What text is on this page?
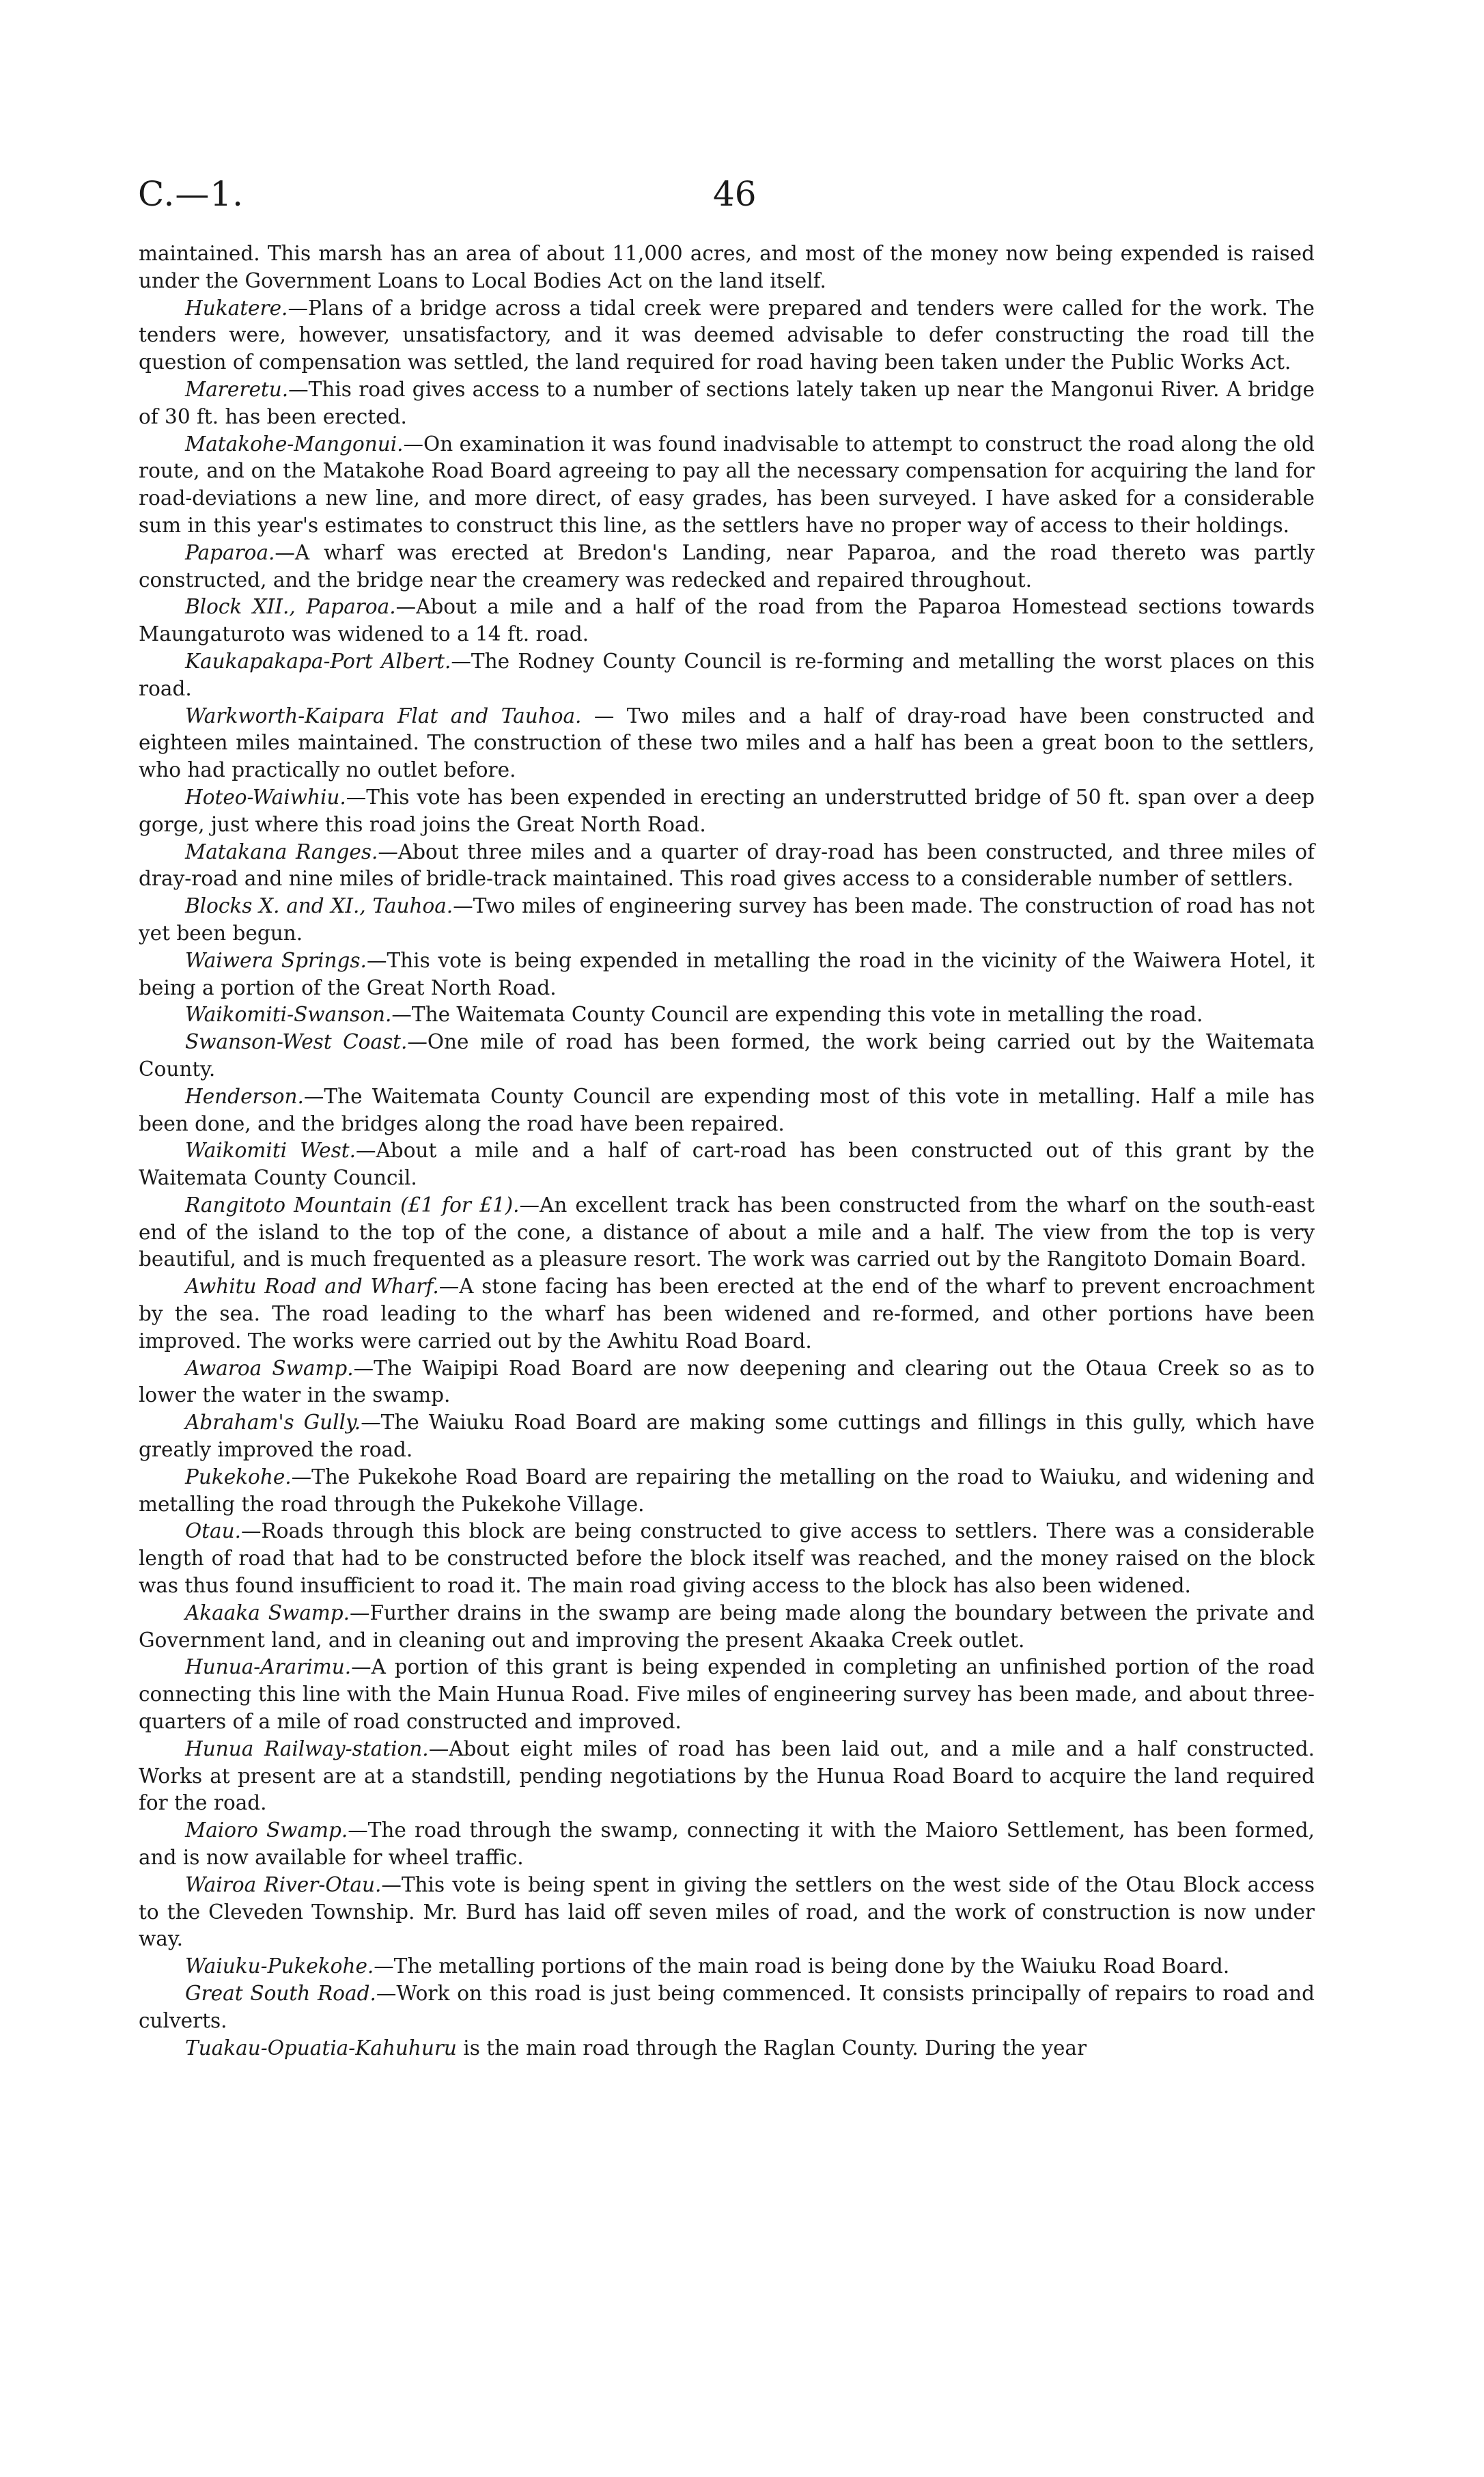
C.—1.	46

maintained. This marsh has an area of about 11,000 acres, and most of the money now being expended is raised under the Government Loans to Local Bodies Act on the land itself.

Hukatere.—Plans of a bridge across a tidal creek were prepared and tenders were called for the work. The tenders were, however, unsatisfactory, and it was deemed advisable to defer constructing the road till the question of compensation was settled, the land required for road having been taken under the Public Works Act.

Mareretu.—This road gives access to a number of sections lately taken up near the Mangonui River. A bridge of 30 ft. has been erected.

Matakohe-Mangonui.—On examination it was found inadvisable to attempt to construct the road along the old route, and on the Matakohe Road Board agreeing to pay all the necessary compensation for acquiring the land for road-deviations a new line, and more direct, of easy grades, has been surveyed. I have asked for a considerable sum in this year's estimates to construct this line, as the settlers have no proper way of access to their holdings.

Paparoa.—A wharf was erected at Bredon's Landing, near Paparoa, and the road thereto was partly constructed, and the bridge near the creamery was redecked and repaired throughout.

Block XII., Paparoa.—About a mile and a half of the road from the Paparoa Homestead sections towards Maungaturoto was widened to a 14 ft. road.

Kaukapakapa-Port Albert.—The Rodney County Council is re-forming and metalling the worst places on this road.

Warkworth-Kaipara Flat and Tauhoa. — Two miles and a half of dray-road have been constructed and eighteen miles maintained. The construction of these two miles and a half has been a great boon to the settlers, who had practically no outlet before.

Hoteo-Waiwhiu.—This vote has been expended in erecting an understrutted bridge of 50 ft. span over a deep gorge, just where this road joins the Great North Road.

Matakana Ranges.—About three miles and a quarter of dray-road has been constructed, and three miles of dray-road and nine miles of bridle-track maintained. This road gives access to a considerable number of settlers.

Blocks X. and XI., Tauhoa.—Two miles of engineering survey has been made. The construction of road has not yet been begun.

Waiwera Springs.—This vote is being expended in metalling the road in the vicinity of the Waiwera Hotel, it being a portion of the Great North Road.

Waikomiti-Swanson.—The Waitemata County Council are expending this vote in metalling the road.

Swanson-West Coast.—One mile of road has been formed, the work being carried out by the Waitemata County.

Henderson.—The Waitemata County Council are expending most of this vote in metalling. Half a mile has been done, and the bridges along the road have been repaired.

Waikomiti West.—About a mile and a half of cart-road has been constructed out of this grant by the Waitemata County Council.

Rangitoto Mountain (£1 for £1).—An excellent track has been constructed from the wharf on the south-east end of the island to the top of the cone, a distance of about a mile and a half. The view from the top is very beautiful, and is much frequented as a pleasure resort. The work was carried out by the Rangitoto Domain Board.

Awhitu Road and Wharf.—A stone facing has been erected at the end of the wharf to prevent encroachment by the sea. The road leading to the wharf has been widened and re-formed, and other portions have been improved. The works were carried out by the Awhitu Road Board.

Awaroa Swamp.—The Waipipi Road Board are now deepening and clearing out the Otaua Creek so as to lower the water in the swamp.

Abraham's Gully.—The Waiuku Road Board are making some cuttings and fillings in this gully, which have greatly improved the road.

Pukekohe.—The Pukekohe Road Board are repairing the metalling on the road to Waiuku, and widening and metalling the road through the Pukekohe Village.

Otau.—Roads through this block are being constructed to give access to settlers. There was a considerable length of road that had to be constructed before the block itself was reached, and the money raised on the block was thus found insufficient to road it. The main road giving access to the block has also been widened.

Akaaka Swamp.—Further drains in the swamp are being made along the boundary between the private and Government land, and in cleaning out and improving the present Akaaka Creek outlet.

Hunua-Ararimu.—A portion of this grant is being expended in completing an unfinished portion of the road connecting this line with the Main Hunua Road. Five miles of engineering survey has been made, and about three-quarters of a mile of road constructed and improved.

Hunua Railway-station.—About eight miles of road has been laid out, and a mile and a half constructed. Works at present are at a standstill, pending negotiations by the Hunua Road Board to acquire the land required for the road.

Maioro Swamp.—The road through the swamp, connecting it with the Maioro Settlement, has been formed, and is now available for wheel traffic.

Wairoa River-Otau.—This vote is being spent in giving the settlers on the west side of the Otau Block access to the Cleveden Township. Mr. Burd has laid off seven miles of road, and the work of construction is now under way.

Waiuku-Pukekohe.—The metalling portions of the main road is being done by the Waiuku Road Board.

Great South Road.—Work on this road is just being commenced. It consists principally of repairs to road and culverts.

Tuakau-Opuatia-Kahuhuru is the main road through the Raglan County. During the year
